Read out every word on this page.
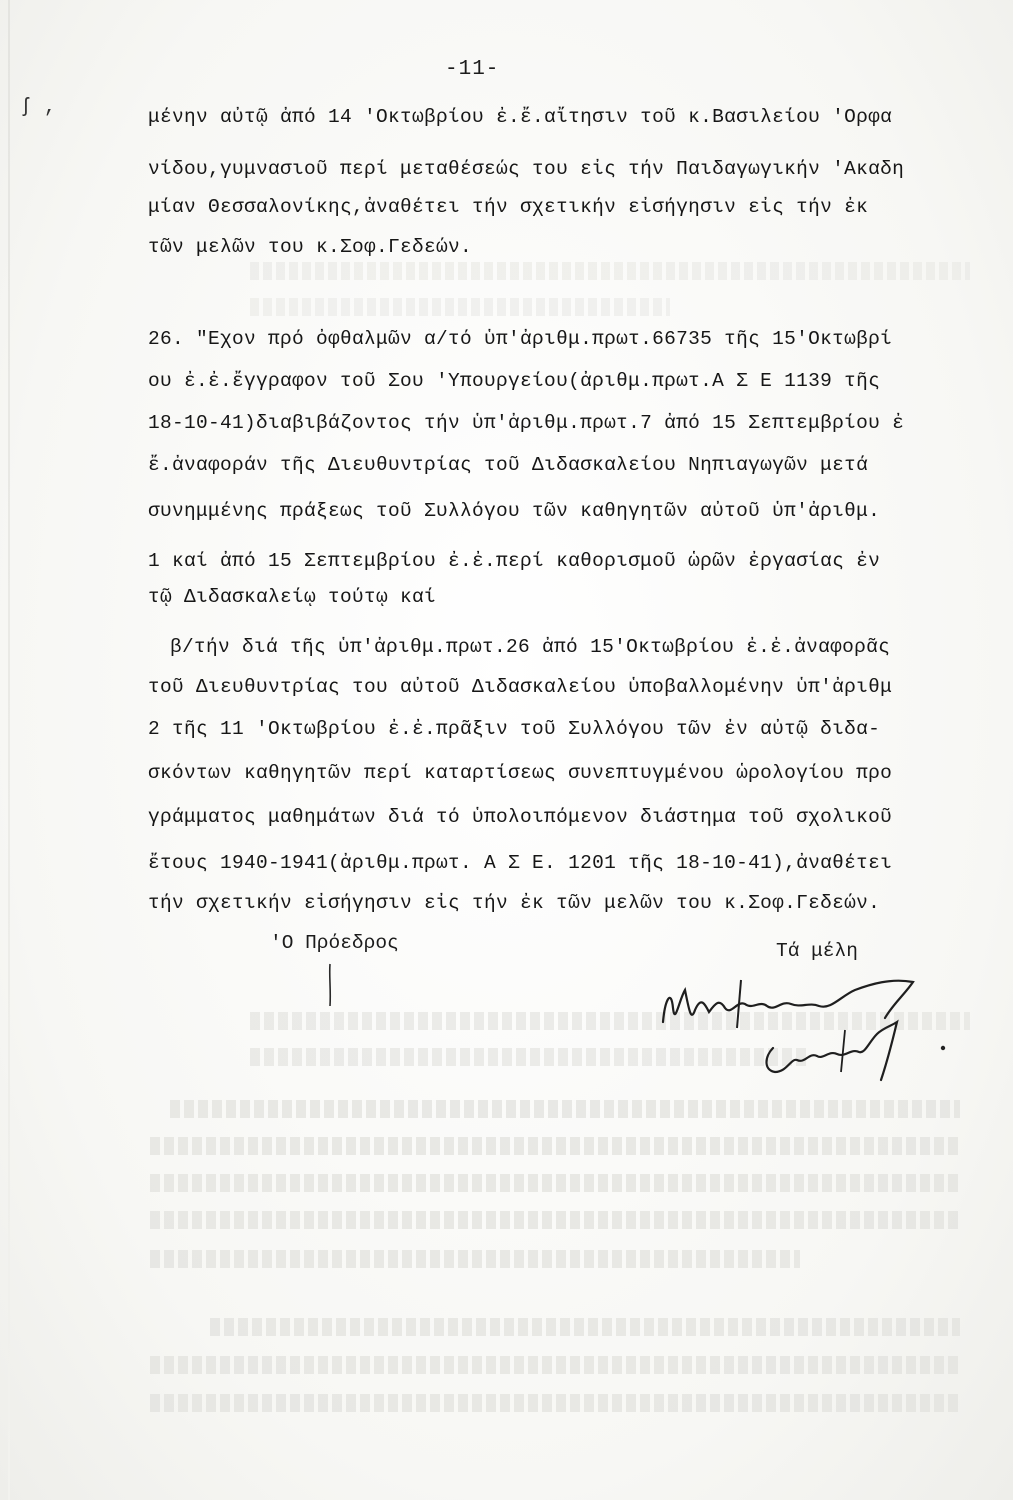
ʃ ,
-11-
μένην αὐτῷ ἀπό 14 'Οκτωβρίου ἐ.ἔ.αἴτησιν τοῦ κ.Βασιλείου 'Ορφα
νίδου,γυμνασιοῦ περί μεταθέσεώς του εἰς τήν Παιδαγωγικήν 'Ακαδη
μίαν Θεσσαλονίκης,ἀναθέτει τήν σχετικήν εἰσήγησιν εἰς τήν ἐκ
τῶν μελῶν του κ.Σοφ.Γεδεών.
26. "Εχον πρό ὀφθαλμῶν α/τό ὑπ'ἀριθμ.πρωτ.66735 τῆς 15'Οκτωβρί
ου ἐ.ἐ.ἔγγραφον τοῦ Σου 'Υπουργείου(ἀριθμ.πρωτ.Α Σ Ε 1139 τῆς
18-10-41)διαβιβάζοντος τήν ὑπ'ἀριθμ.πρωτ.7 ἀπό 15 Σεπτεμβρίου ἐ
ἔ.ἀναφοράν τῆς Διευθυντρίας τοῦ Διδασκαλείου Νηπιαγωγῶν μετά
συνημμένης πράξεως τοῦ Συλλόγου τῶν καθηγητῶν αὐτοῦ ὑπ'ἀριθμ.
1 καί ἀπό 15 Σεπτεμβρίου ἐ.ἐ.περί καθορισμοῦ ὡρῶν ἐργασίας ἐν
τῷ Διδασκαλείῳ τούτῳ καί
β/τήν διά τῆς ὑπ'ἀριθμ.πρωτ.26 ἀπό 15'Οκτωβρίου ἐ.ἐ.ἀναφορᾶς
τοῦ Διευθυντρίας του αὐτοῦ Διδασκαλείου ὑποβαλλομένην ὑπ'ἀριθμ
2 τῆς 11 'Οκτωβρίου ἐ.ἐ.πρᾶξιν τοῦ Συλλόγου τῶν ἐν αὐτῷ διδα-
σκόντων καθηγητῶν περί καταρτίσεως συνεπτυγμένου ὡρολογίου προ
γράμματος μαθημάτων διά τό ὑπολοιπόμενον διάστημα τοῦ σχολικοῦ
ἔτους 1940-1941(ἀριθμ.πρωτ. Α Σ Ε. 1201 τῆς 18-10-41),ἀναθέτει
τήν σχετικήν εἰσήγησιν εἰς τήν ἐκ τῶν μελῶν του κ.Σοφ.Γεδεών.
'Ο Πρόεδρος	Τά μέλη
